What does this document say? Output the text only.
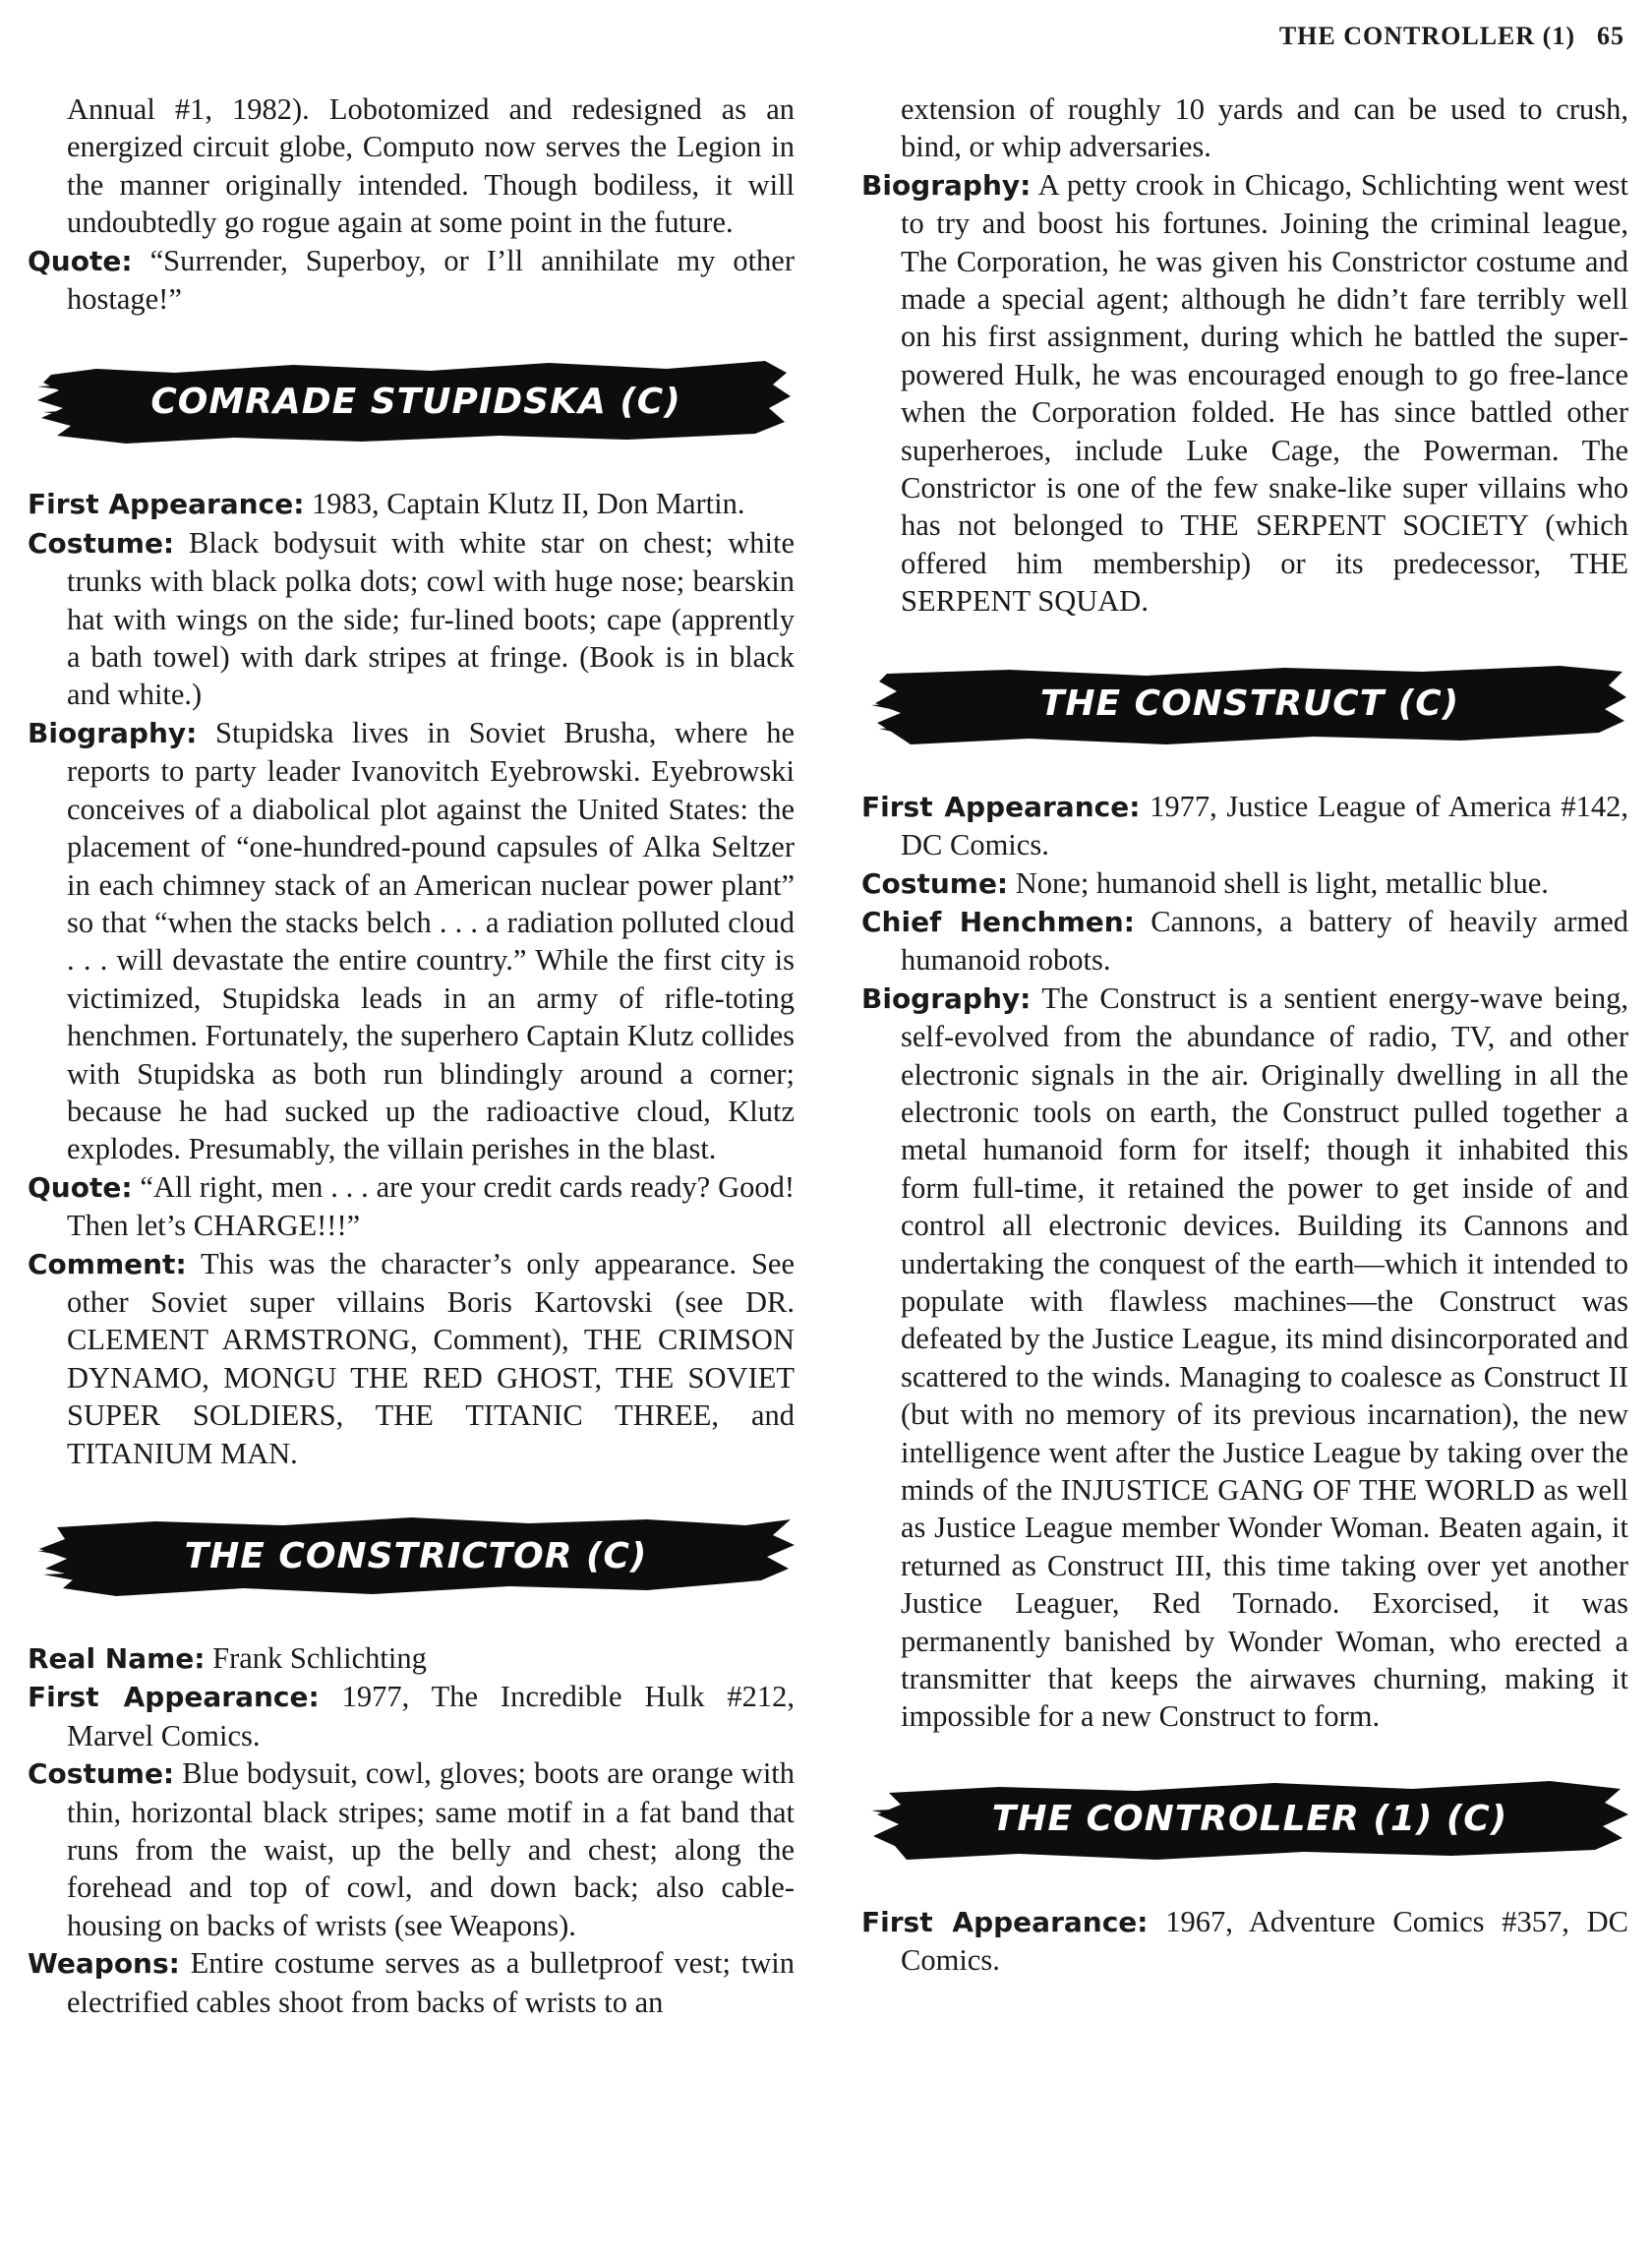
THE CONTROLLER (1) 65

Annual #1, 1982). Lobotomized and redesigned as an energized circuit globe, Computo now serves the Legion in the manner originally intended. Though bodiless, it will undoubtedly go rogue again at some point in the future.

Quote: “Surrender, Superboy, or I’ll annihilate my other hostage!”

COMRADE STUPIDSKA (C)

First Appearance: 1983, Captain Klutz II, Don Martin.

Costume: Black bodysuit with white star on chest; white trunks with black polka dots; cowl with huge nose; bearskin hat with wings on the side; fur-lined boots; cape (apprently a bath towel) with dark stripes at fringe. (Book is in black and white.)

Biography: Stupidska lives in Soviet Brusha, where he reports to party leader Ivanovitch Eyebrowski. Eyebrowski conceives of a diabolical plot against the United States: the placement of “one-hundred-pound capsules of Alka Seltzer in each chimney stack of an American nuclear power plant” so that “when the stacks belch . . . a radiation polluted cloud . . . will devastate the entire country.” While the first city is victimized, Stupidska leads in an army of rifle-toting henchmen. Fortunately, the superhero Captain Klutz collides with Stupidska as both run blindingly around a corner; because he had sucked up the radioactive cloud, Klutz explodes. Presumably, the villain perishes in the blast.

Quote: “All right, men . . . are your credit cards ready? Good! Then let’s CHARGE!!!”

Comment: This was the character’s only appearance. See other Soviet super villains Boris Kartovski (see DR. CLEMENT ARMSTRONG, Comment), THE CRIMSON DYNAMO, MONGU THE RED GHOST, THE SOVIET SUPER SOLDIERS, THE TITANIC THREE, and TITANIUM MAN.

THE CONSTRICTOR (C)

Real Name: Frank Schlichting

First Appearance: 1977, The Incredible Hulk #212, Marvel Comics.

Costume: Blue bodysuit, cowl, gloves; boots are orange with thin, horizontal black stripes; same motif in a fat band that runs from the waist, up the belly and chest; along the forehead and top of cowl, and down back; also cable-housing on backs of wrists (see Weapons).

Weapons: Entire costume serves as a bulletproof vest; twin electrified cables shoot from backs of wrists to an

extension of roughly 10 yards and can be used to crush, bind, or whip adversaries.

Biography: A petty crook in Chicago, Schlichting went west to try and boost his fortunes. Joining the criminal league, The Corporation, he was given his Constrictor costume and made a special agent; although he didn’t fare terribly well on his first assignment, during which he battled the super-powered Hulk, he was encouraged enough to go free-lance when the Corporation folded. He has since battled other superheroes, include Luke Cage, the Powerman. The Constrictor is one of the few snake-like super villains who has not belonged to THE SERPENT SOCIETY (which offered him membership) or its predecessor, THE SERPENT SQUAD.

THE CONSTRUCT (C)

First Appearance: 1977, Justice League of America #142, DC Comics.

Costume: None; humanoid shell is light, metallic blue.

Chief Henchmen: Cannons, a battery of heavily armed humanoid robots.

Biography: The Construct is a sentient energy-wave being, self-evolved from the abundance of radio, TV, and other electronic signals in the air. Originally dwelling in all the electronic tools on earth, the Construct pulled together a metal humanoid form for itself; though it inhabited this form full-time, it retained the power to get inside of and control all electronic devices. Building its Cannons and undertaking the conquest of the earth—which it intended to populate with flawless machines—the Construct was defeated by the Justice League, its mind disincorporated and scattered to the winds. Managing to coalesce as Construct II (but with no memory of its previous incarnation), the new intelligence went after the Justice League by taking over the minds of the INJUSTICE GANG OF THE WORLD as well as Justice League member Wonder Woman. Beaten again, it returned as Construct III, this time taking over yet another Justice Leaguer, Red Tornado. Exorcised, it was permanently banished by Wonder Woman, who erected a transmitter that keeps the airwaves churning, making it impossible for a new Construct to form.

THE CONTROLLER (1) (C)

First Appearance: 1967, Adventure Comics #357, DC Comics.
